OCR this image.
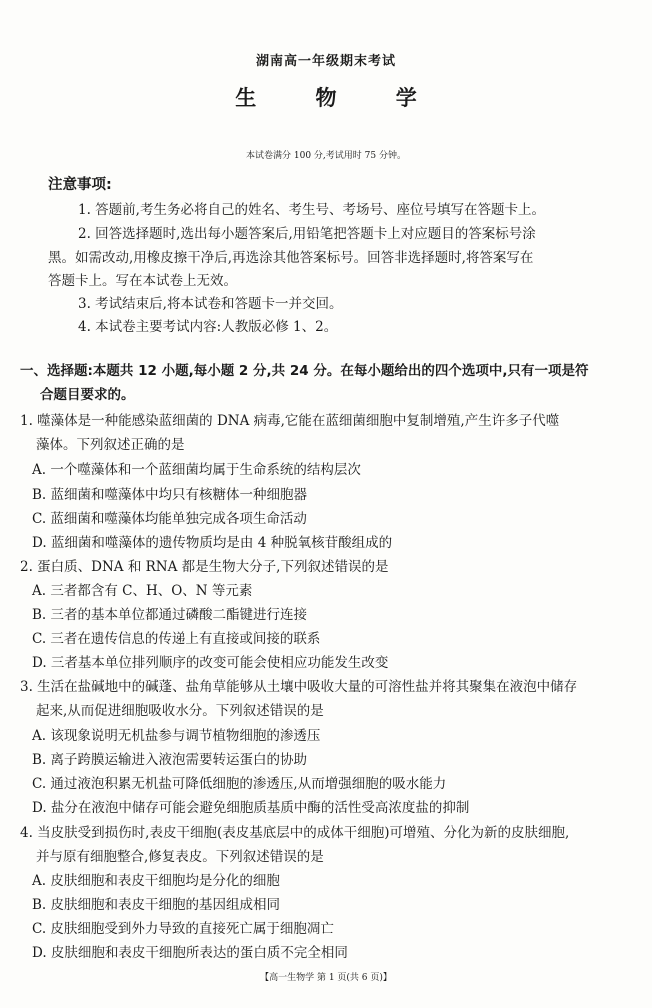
湖南高一年级期末考试
生 物 学
本试卷满分 100 分,考试用时 75 分钟。
注意事项:
1. 答题前,考生务必将自己的姓名、考生号、考场号、座位号填写在答题卡上。
2. 回答选择题时,选出每小题答案后,用铅笔把答题卡上对应题目的答案标号涂
黑。如需改动,用橡皮擦干净后,再选涂其他答案标号。回答非选择题时,将答案写在
答题卡上。写在本试卷上无效。
3. 考试结束后,将本试卷和答题卡一并交回。
4. 本试卷主要考试内容:人教版必修 1、2。
一、选择题:本题共 12 小题,每小题 2 分,共 24 分。在每小题给出的四个选项中,只有一项是符
合题目要求的。
1. 噬藻体是一种能感染蓝细菌的 DNA 病毒,它能在蓝细菌细胞中复制增殖,产生许多子代噬
藻体。下列叙述正确的是
A. 一个噬藻体和一个蓝细菌均属于生命系统的结构层次
B. 蓝细菌和噬藻体中均只有核糖体一种细胞器
C. 蓝细菌和噬藻体均能单独完成各项生命活动
D. 蓝细菌和噬藻体的遗传物质均是由 4 种脱氧核苷酸组成的
2. 蛋白质、DNA 和 RNA 都是生物大分子,下列叙述错误的是
A. 三者都含有 C、H、O、N 等元素
B. 三者的基本单位都通过磷酸二酯键进行连接
C. 三者在遗传信息的传递上有直接或间接的联系
D. 三者基本单位排列顺序的改变可能会使相应功能发生改变
3. 生活在盐碱地中的碱蓬、盐角草能够从土壤中吸收大量的可溶性盐并将其聚集在液泡中储存
起来,从而促进细胞吸收水分。下列叙述错误的是
A. 该现象说明无机盐参与调节植物细胞的渗透压
B. 离子跨膜运输进入液泡需要转运蛋白的协助
C. 通过液泡积累无机盐可降低细胞的渗透压,从而增强细胞的吸水能力
D. 盐分在液泡中储存可能会避免细胞质基质中酶的活性受高浓度盐的抑制
4. 当皮肤受到损伤时,表皮干细胞(表皮基底层中的成体干细胞)可增殖、分化为新的皮肤细胞,
并与原有细胞整合,修复表皮。下列叙述错误的是
A. 皮肤细胞和表皮干细胞均是分化的细胞
B. 皮肤细胞和表皮干细胞的基因组成相同
C. 皮肤细胞受到外力导致的直接死亡属于细胞凋亡
D. 皮肤细胞和表皮干细胞所表达的蛋白质不完全相同
【高一生物学 第 1 页(共 6 页)】
